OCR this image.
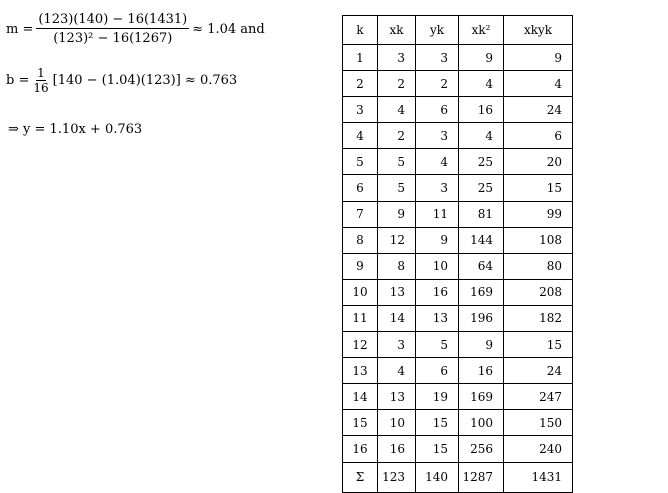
$m = \frac{(123)(140) - 16(1431)}{\text{(123)² − 16(1267)}} \approx 1.04$ and
$b = \frac{1}{16} [140 - (1.04)(123)] \approx 0.763$
⇒ y = 1.10x + 0.763
k	xk	yk	xk²	xkyk
1	3	3	9	9
2	2	2	4	4
3	4	6	16	24
4	2	3	4	6
5	5	4	25	20
6	5	3	25	15
7	9	11	81	99
8	12	9	144	108
9	8	10	64	80
10	13	16	169	208
11	14	13	196	182
12	3	5	9	15
13	4	6	16	24
14	13	19	169	247
15	10	15	100	150
16	16	15	256	240
Σ	123	140	1287	1431
